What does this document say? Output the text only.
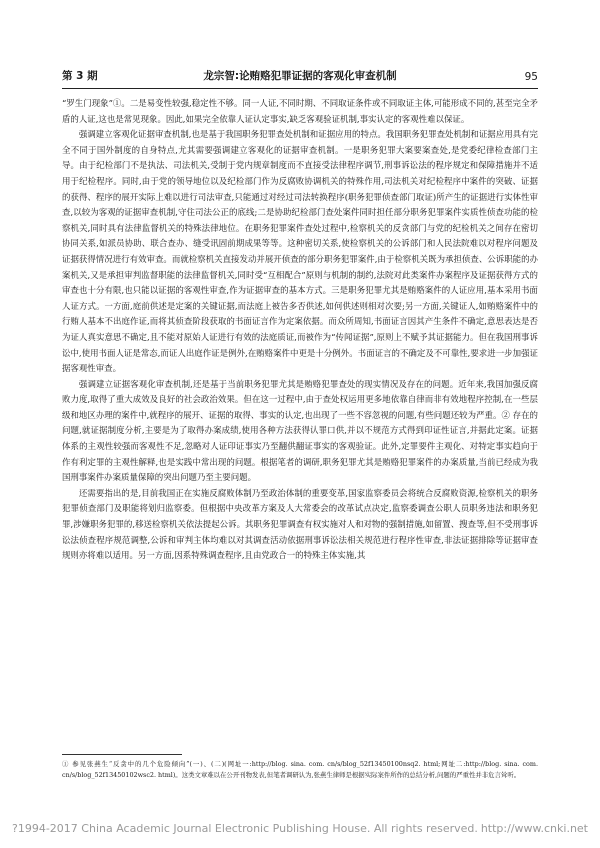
第 3 期	龙宗智:论贿赂犯罪证据的客观化审查机制	95

“罗生门现象”①。二是易变性较强,稳定性不够。同一人证,不同时期、不同取证条件或不同取证主体,可能形成不同的,甚至完全矛盾的人证,这也是常见现象。因此,如果完全依靠人证认定事实,缺乏客观验证机制,事实认定的客观性难以保证。

强调建立客观化证据审查机制,也是基于我国职务犯罪查处机制和证据应用的特点。我国职务犯罪查处机制和证据应用具有完全不同于国外制度的自身特点,尤其需要强调建立客观化的证据审查机制。一是职务犯罪大案要案查处,是党委纪律检查部门主导。由于纪检部门不是执法、司法机关,受制于党内规章制度而不直接受法律程序调节,刑事诉讼法的程序规定和保障措施并不适用于纪检程序。同时,由于党的领导地位以及纪检部门作为反腐败协调机关的特殊作用,司法机关对纪检程序中案件的突破、证据的获得、程序的展开实际上难以进行司法审查,只能通过对经过司法转换程序(职务犯罪侦查部门取证)所产生的证据进行实体性审查,以较为客观的证据审查机制,守住司法公正的底线;二是协助纪检部门查处案件同时担任部分职务犯罪案件实质性侦查功能的检察机关,同时具有法律监督机关的特殊法律地位。在职务犯罪案件查处过程中,检察机关的反贪部门与党的纪检机关之间存在密切协同关系,如派员协助、联合查办、缝受讯固前期成果等等。这种密切关系,使检察机关的公诉部门和人民法院难以对程序问题及证据获得情况进行有效审查。而就检察机关直接发动并展开侦查的部分职务犯罪案件,由于检察机关既为承担侦查、公诉职能的办案机关,又是承担审判监督职能的法律监督机关,同时受“互相配合”原则与机制的制约,法院对此类案件办案程序及证据获得方式的审查也十分有限,也只能以证据的客观性审查,作为证据审查的基本方式。三是职务犯罪尤其是贿赂案件的人证应用,基本采用书面人证方式。一方面,庭前供述是定案的关键证据,而法庭上被告多否供述,如何供述则相对次要;另一方面,关键证人,如贿赂案件中的行贿人基本不出庭作证,而将其侦查阶段获取的书面证言作为定案依据。而众所周知,书面证言因其产生条件不确定,意思表达是否为证人真实意思不确定,且不能对原始人证进行有效的法庭质证,而被作为“传闻证据”,原则上不赋予其证据能力。但在我国刑事诉讼中,使用书面人证是常态,而证人出庭作证是例外,在贿赂案件中更是十分例外。书面证言的不确定及不可靠性,要求进一步加强证据客观性审查。

强调建立证据客观化审查机制,还是基于当前职务犯罪尤其是贿赂犯罪查处的现实情况及存在的问题。近年来,我国加强反腐败力度,取得了重大成效及良好的社会政治效果。但在这一过程中,由于查处权运用更多地依靠自律而非有效地程序控制,在一些层级和地区办理的案件中,就程序的展开、证据的取得、事实的认定,也出现了一些不容忽视的问题,有些问题还较为严重。② 存在的问题,就证据制度分析,主要是为了取得办案成绩,使用各种方法获得认罪口供,并以不规范方式得到印证性证言,并据此定案。证据体系的主观性较强而客观性不足,忽略对人证印证事实乃至翻供翻证事实的客观验证。此外,定罪要件主观化、对特定事实趋向于作有利定罪的主观性解释,也是实践中常出现的问题。根据笔者的调研,职务犯罪尤其是贿赂犯罪案件的办案质量,当前已经成为我国刑事案件办案质量保障的突出问题乃至主要问题。

还需要指出的是,目前我国正在实施反腐败体制乃至政治体制的重要变革,国家监察委员会将统合反腐败资源,检察机关的职务犯罪侦查部门及职能将划归监察委。但根据中央改革方案及人大常委会的改革试点决定,监察委调查公职人员职务违法和职务犯罪,涉嫌职务犯罪的,移送检察机关依法提起公诉。其职务犯罪调查有权实施对人和对物的强制措施,如留置、搜查等,但不受刑事诉讼法侦查程序规范调整,公诉和审判主体均难以对其调查活动依据刑事诉讼法相关规范进行程序性审查,非法证据排除等证据审查规则亦将难以适用。另一方面,因系特殊调查程序,且由党政合一的特殊主体实施,其

① 参见张燕生“反贪中的几个危险倾向”(一)、(二)(网址一:http://blog. sina. com. cn/s/blog_52f13450100nsq2. html;网址二:http://blog. sina. com. cn/s/blog_52f13450102wsc2. html)。这类文章难以在公开刊物发表,但笔者调研认为,张燕生律师是根据实际案件所作的总结分析,问题的严重性并非危言耸听。
?1994-2017 China Academic Journal Electronic Publishing House. All rights reserved. http://www.cnki.net
